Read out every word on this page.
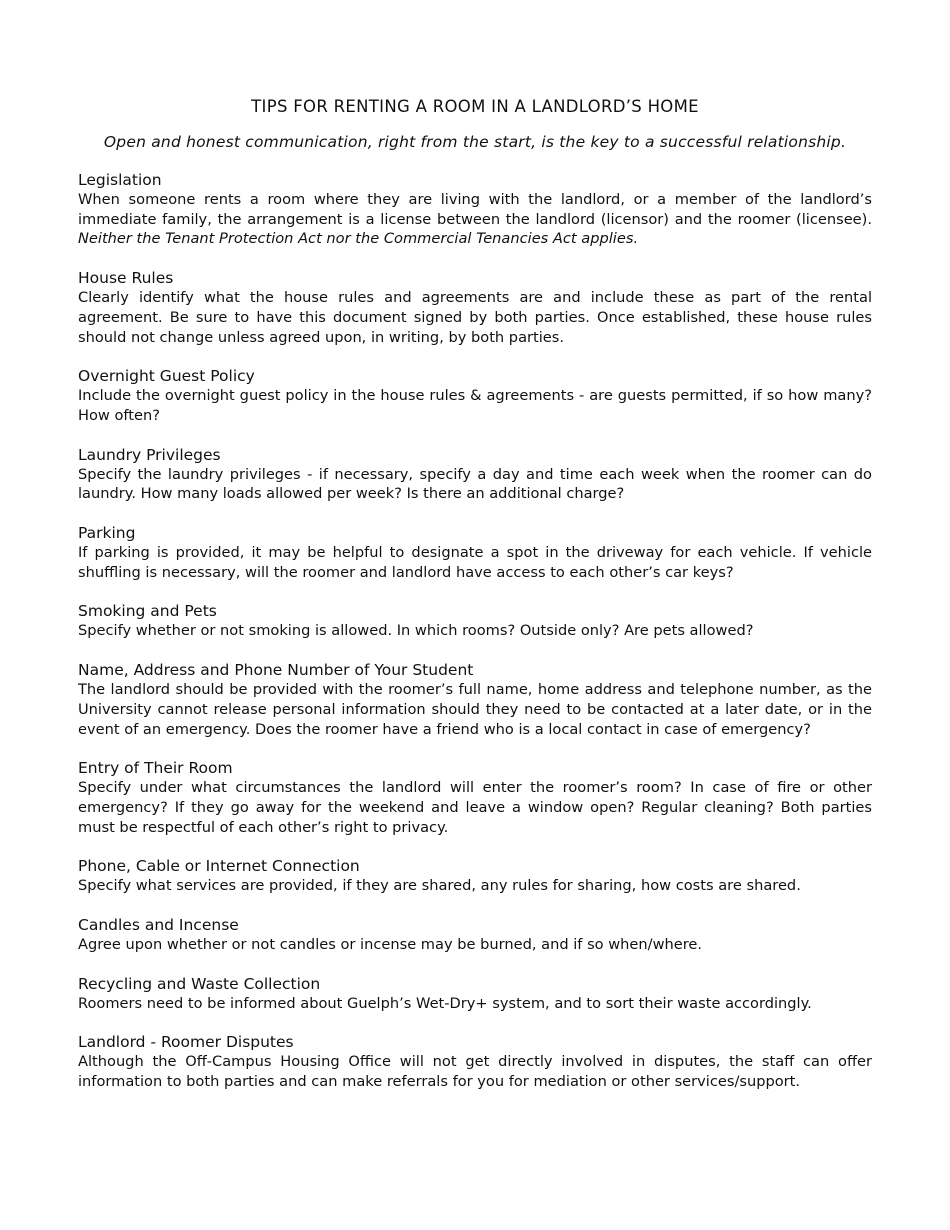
TIPS FOR RENTING A ROOM IN A LANDLORD’S HOME

Open and honest communication, right from the start, is the key to a successful relationship.

Legislation

When someone rents a room where they are living with the landlord, or a member of the landlord’s immediate family, the arrangement is a license between the landlord (licensor) and the roomer (licensee). Neither the Tenant Protection Act nor the Commercial Tenancies Act applies.

House Rules

Clearly identify what the house rules and agreements are and include these as part of the rental agreement. Be sure to have this document signed by both parties. Once established, these house rules should not change unless agreed upon, in writing, by both parties.

Overnight Guest Policy

Include the overnight guest policy in the house rules & agreements - are guests permitted, if so how many? How often?

Laundry Privileges

Specify the laundry privileges - if necessary, specify a day and time each week when the roomer can do laundry. How many loads allowed per week? Is there an additional charge?

Parking

If parking is provided, it may be helpful to designate a spot in the driveway for each vehicle. If vehicle shuffling is necessary, will the roomer and landlord have access to each other’s car keys?

Smoking and Pets

Specify whether or not smoking is allowed. In which rooms? Outside only? Are pets allowed?

Name, Address and Phone Number of Your Student

The landlord should be provided with the roomer’s full name, home address and telephone number, as the University cannot release personal information should they need to be contacted at a later date, or in the event of an emergency. Does the roomer have a friend who is a local contact in case of emergency?

Entry of Their Room

Specify under what circumstances the landlord will enter the roomer’s room? In case of fire or other emergency? If they go away for the weekend and leave a window open? Regular cleaning? Both parties must be respectful of each other’s right to privacy.

Phone, Cable or Internet Connection

Specify what services are provided, if they are shared, any rules for sharing, how costs are shared.

Candles and Incense

Agree upon whether or not candles or incense may be burned, and if so when/where.

Recycling and Waste Collection

Roomers need to be informed about Guelph’s Wet-Dry+ system, and to sort their waste accordingly.

Landlord - Roomer Disputes

Although the Off-Campus Housing Office will not get directly involved in disputes, the staff can offer information to both parties and can make referrals for you for mediation or other services/support.
